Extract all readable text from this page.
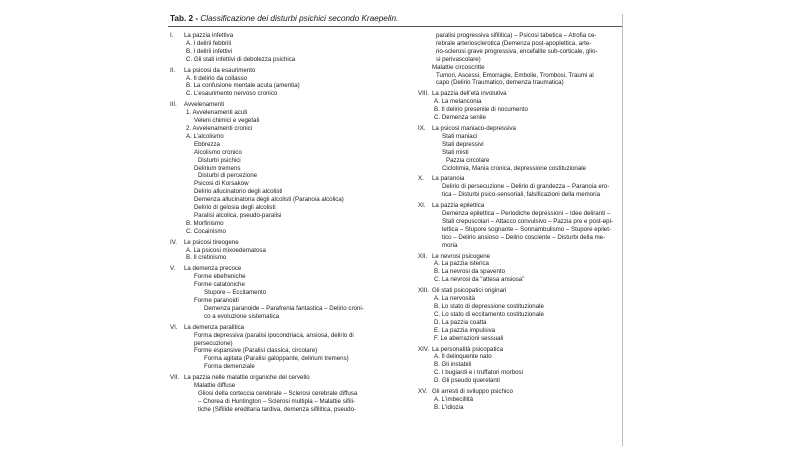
Tab. 2 - Classificazione dei disturbi psichici secondo Kraepelin.
I. La pazzia infettiva
A. I delirii febbrili
B. I delirii infettivi
C. Gli stati infettivi di debolezza psichica
II. La psicosi da esaurimento
A. Il delirio da collasso
B. La confusione mentale acuta (amentia)
C. L'esaurimento nervoso cronico
III. Avvelenamenti
1. Avvelenamenti acuti
Veleni chimici e vegetali
2. Avvelenamenti cronici
A. L'alcolismo
Ebbrezza
Alcolismo cronico
Disturbi psichici
Delirium tremens
Disturbi di percezione
Psicosi di Korsakow
Delirio allucinatorio degli alcolisti
Demenza allucinatoria degli alcolisti (Paranoia alcolica)
Delirio di gelosia degli alcolisti
Paralisi alcolica, pseudo-paralisi
B. Morfinismo
C. Cocainismo
IV. Le psicosi tireogene
A. La psicosi mixoedematosa
B. Il cretinismo
V. La demenza precoce
Forme ebefreniche
Forme catatoniche
Stupore – Eccitamento
Forme paranoidi
Demenza paranoide – Parafrenia fantastica – Delirio croni-
co a evoluzione sistematica
VI. La demenza paralitica
Forma depressiva (paralisi ipocondriaca, ansiosa, delirio di
persecuzione)
Forme espansive (Paralisi classica, circolare)
Forma agitata (Paralisi galoppante, delirium tremens)
Forma demenziale
VII. La pazzia nelle malattie organiche del cervello
Malattie diffuse
Gliosi della corteccia cerebrale – Sclerosi cerebrale diffusa
– Chorea di Huntington – Sclerosi multipla – Malattie sifili-
tiche (Sifilide ereditaria tardiva, demenza sifilitica, pseudo-
paralisi progressiva sifilitica) – Psicosi tabetica – Atrofia ce-
rebrale arteriosclerotica (Demenza post-apoplettica, arte-
rio-sclerosi grave progressiva, encefalite sub-corticale, glio-
si perivascolare)
Malattie circoscritte
Tumori, Ascessi, Emorragie, Embolie, Trombosi, Traumi al
capo (Delirio Traumatico, demenza traumatica)
VIII. La pazzia dell'età involutiva
A. La melanconia
B. Il delirio presenile di nocumento
C. Demenza senile
IX. La psicosi maniaco-depressiva
Stati maniaci
Stati depressivi
Stati misti
Pazzia circolare
Ciclotimia, Mania cronica, depressione costituzionale
X. La paranoia
Delirio di persecuzione – Delirio di grandezza – Paranoia ero-
tica – Disturbi psico-sensoriali, falsificazioni della memoria
XI. La pazzia epilettica
Demenza epilettica – Periodiche depressioni – Idee deliranti –
Stati crepuscolari – Attacco convulsivo – Pazzia pre e post-epi-
lettica – Stupore sognante – Sonnambulismo – Stupore epilet-
tico – Delirio ansioso – Delirio cosciente – Disturbi della me-
moria
XII. Le nevrosi psicogene
A. La pazzia isterica
B. La nevrosi da spavento
C. La nevrosi da "attesa ansiosa"
XIII. Gli stati psicopatici originari
A. La nervosità
B. Lo stato di depressione costituzionale
C. Lo stato di eccitamento costituzionale
D. La pazzia coatta
E. La pazzia impulsiva
F. Le aberrazioni sessuali
XIV. La personalità psicopatica
A. Il delinquente nato
B. Gli instabili
C. I bugiardi e i truffatori morbosi
D. Gli pseudo querelanti
XV. Gli arresti di sviluppo psichico
A. L'imbecillità
B. L'idiozia
